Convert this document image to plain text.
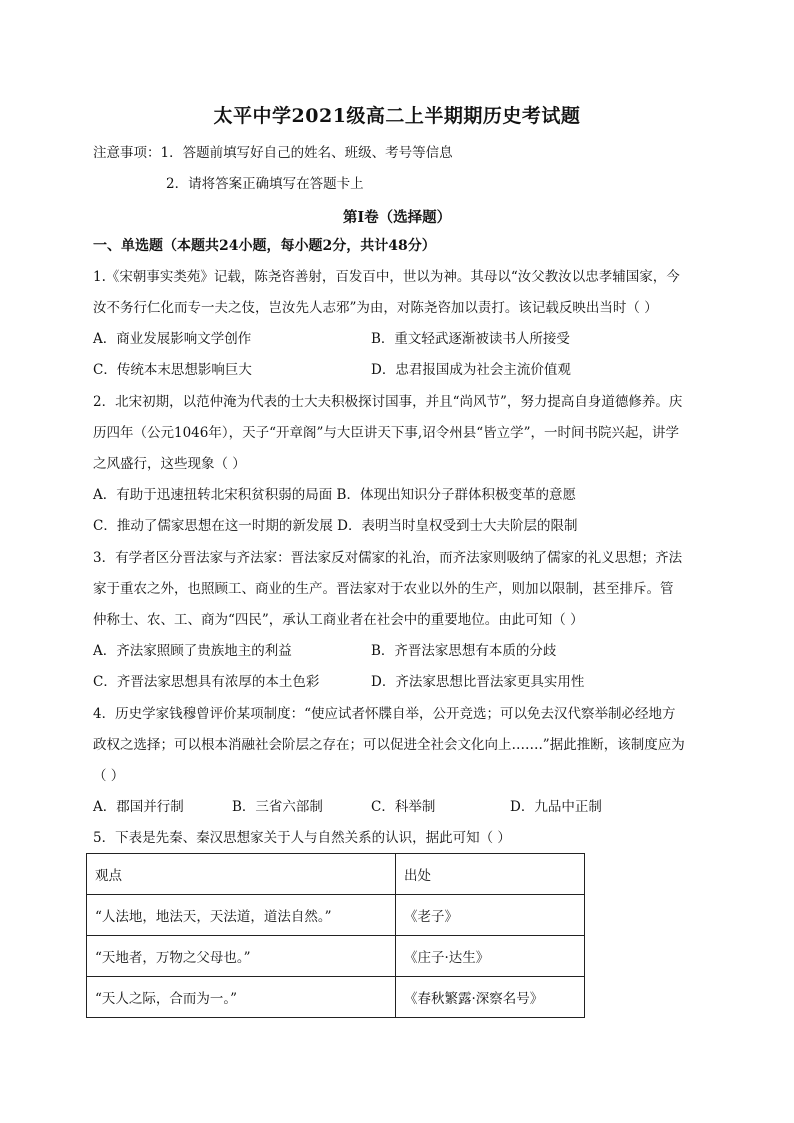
太平中学2021级高二上半期期历史考试题
注意事项：1．答题前填写好自己的姓名、班级、考号等信息
2．请将答案正确填写在答题卡上
第Ⅰ卷（选择题）
一、单选题（本题共24小题，每小题2分，共计48分）
1.《宋朝事实类苑》记载，陈尧咨善射，百发百中，世以为神。其母以“汝父教汝以忠孝辅国家，今
汝不务行仁化而专一夫之伎，岂汝先人志邪”为由，对陈尧咨加以责打。该记载反映出当时（ ）
A．商业发展影响文学创作	B．重文轻武逐渐被读书人所接受
C．传统本末思想影响巨大	D．忠君报国成为社会主流价值观
2．北宋初期，以范仲淹为代表的士大夫积极探讨国事，并且“尚风节”，努力提高自身道德修养。庆
历四年（公元1046年），天子“开章阁”与大臣讲天下事,诏令州县“皆立学”，一时间书院兴起，讲学
之风盛行，这些现象（ ）
A．有助于迅速扭转北宋积贫积弱的局面 B．体现出知识分子群体积极变革的意愿
C．推动了儒家思想在这一时期的新发展 D．表明当时皇权受到士大夫阶层的限制
3．有学者区分晋法家与齐法家：晋法家反对儒家的礼治，而齐法家则吸纳了儒家的礼义思想；齐法
家于重农之外，也照顾工、商业的生产。晋法家对于农业以外的生产，则加以限制，甚至排斥。管
仲称士、农、工、商为“四民”，承认工商业者在社会中的重要地位。由此可知（ ）
A．齐法家照顾了贵族地主的利益	B．齐晋法家思想有本质的分歧
C．齐晋法家思想具有浓厚的本土色彩	D．齐法家思想比晋法家更具实用性
4．历史学家钱穆曾评价某项制度：“使应试者怀牒自举，公开竞选；可以免去汉代察举制必经地方
政权之选择；可以根本消融社会阶层之存在；可以促进全社会文化向上…….”据此推断，该制度应为
（ ）
A．郡国并行制	B．三省六部制	C．科举制	D．九品中正制
5．下表是先秦、秦汉思想家关于人与自然关系的认识，据此可知（ ）
观点	出处
“人法地，地法天，天法道，道法自然。”	《老子》
“天地者，万物之父母也。”	《庄子·达生》
“天人之际，合而为一。”	《春秋繁露·深察名号》
